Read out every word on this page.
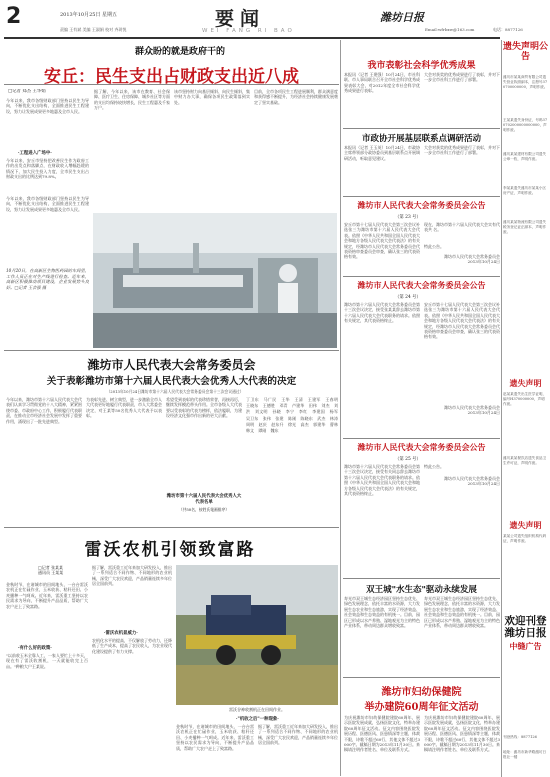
2	2013年10月25日 星期五
责编 王有斌 美编 王淑娟 校对 齐玥悦	要闻
WEI FANG RI BAO
潍坊日报
Email:wfrbxw@163.com	电话：8877126
群众盼的就是政府干的
安丘：民生支出占财政支出近八成
□记者 郑杰 王华娟
今年以来，我市各级财政部门坚持以民生为导向，不断优化支出结构，全面推进民生工程建设，努力让发展成果更多地惠及全市人民。
·工程进入广场中·
今年以来，安丘市坚持把改善民生作为政府工作的出发点和落脚点，在财政收入增幅趋缓的情况下，加大民生投入力度，全市民生支出占财政支出的比例达到79.8%。
据了解，今年以来，该市在教育、社会保障、医疗卫生、住房保障、城乡社区等方面的支出均保持较快增长，民生工程惠及千家万户。
该市坚持财力向基层倾斜、向民生倾斜，集中财力办大事，确保各项民生政策落到实处。
目前，全市各项民生工程进展顺利，群众满意度和获得感不断提升，为经济社会持续健康发展奠定了坚实基础。
10月20日，在高新区生物医药园的车间里，工作人员正在对生产线进行检查。近年来，高新区积极推动项目建设，企业发展势头良好。□记者 王会强 摄
今年以来，我市各级财政部门坚持以民生为导向，不断优化支出结构，全面推进民生工程建设，努力让发展成果更多地惠及全市人民。
我市表彰社会科学优秀成果
本报讯（记者 王建强）10月24日，市社科联、市人事局联合召开全市社会科学优秀成果表彰大会，对2012年度全市社会科学优秀成果进行表彰。
大会对获奖的优秀成果进行了表彰，并对下一步全市社科工作进行了部署。
市政协开展基层联系点调研活动
本报讯（记者 王玉英）10月24日，市政协主席带领部分政协委员到基层联系点开展调研活动，听取意见建议。
大会对获奖的优秀成果进行了表彰，并对下一步全市社科工作进行了部署。
潍坊市人民代表大会常务委员会公告
（第 23 号）
安丘市第十七届人民代表大会第三次会议补选张三为潍坊市第十六届人民代表大会代表。依照《中华人民共和国全国人民代表大会和地方各级人民代表大会代表法》的有关规定，经潍坊市人民代表大会常务委员会代表资格审查委员会审查，确认张三的代表资格有效。
现在，潍坊市第十六届人民代表大会实有代表共 名。
特此公告。
潍坊市人民代表大会常务委员会
2013年10月24日
潍坊市人民代表大会常务委员会公告
（第 24 号）
潍坊市第十六届人民代表大会常务委员会第十三次会议决定，接受张某某辞去潍坊市第十六届人民代表大会代表职务的请求。依照有关规定，其代表资格终止。
安丘市第十七届人民代表大会第三次会议补选张三为潍坊市第十六届人民代表大会代表。依照《中华人民共和国全国人民代表大会和地方各级人民代表大会代表法》的有关规定，经潍坊市人民代表大会常务委员会代表资格审查委员会审查，确认张三的代表资格有效。
潍坊市人民代表大会常务委员会
2013年10月24日
潍坊市人民代表大会常务委员会公告
（第 25 号）
潍坊市第十六届人民代表大会常务委员会第十三次会议决定，接受有关同志辞去潍坊市第十六届人民代表大会代表职务的请求。依照《中华人民共和国全国人民代表大会和地方各级人民代表大会代表法》的有关规定，其代表资格终止。
特此公告。
潍坊市人民代表大会常务委员会
2013年10月24日
潍坊市人民代表大会常务委员会
关于表彰潍坊市第十六届人民代表大会优秀人大代表的决定
（2013年10月24日潍坊市第十六届人民代表大会常务委员会第十三次会议通过）
今年以来，潍坊市第十六届人民代表大会代表们认真学习贯彻党的十八大精神，紧紧围绕市委、市政府中心工作，积极履行代表职责，在推动全市经济社会发展中发挥了重要作用，涌现出了一批先进典型。
为表彰先进、树立典型，进一步激励全市人大代表更好地履行代表职责，市人大常委会决定，对王某等50名优秀人大代表予以表彰。
希望受到表彰的代表珍惜荣誉，再接再厉，继续发挥模范带头作用。全市各级人大代表要以受表彰的代表为榜样，依法履职，为建设经济文化强市作出新的更大贡献。
潍坊市第十六届人民代表大会优秀人大代表名单
（共50名，按姓氏笔画排序）
丁卫东 马广民 王华 王清 王建军 王春明 王晓东 王德胜 邓青 卢建华 田伟 刘杰 刘洪 刘文明 孙晓 李宁 李红 李建国 杨军 吴卫东 张伟 张建 陈刚 陈晓东 武杰 林涛 周明 赵庆 赵东升 徐光 高杰 郭建华 曹林 韩文 谭刚 魏东
雷沃农机引领致富路
□记者 张某某
通讯员 王某某
金秋时节，在诸城市的田间地头，一台台雷沃农机正在忙碌作业，玉米收获、秸秆还田、小麦播种一气呵成。近年来，雷沃重工坚持以农民需求为导向，不断提升产品品质，帮助广大农户走上了致富路。
·有什么好的政策·
"以前收玉米全靠人工，一家人要忙上十多天，现在有了雷沃收割机，一天就能收完上百亩。"种粮大户王某说。
据了解，雷沃重工近年来加大研发投入，推出了一系列适合不同作物、不同地形的农业机械，深受广大农民欢迎，产品销量连续多年位居全国前列。
·雷沃农机显威力·
农机化水平的提高，不仅解放了劳动力，还降低了生产成本，提高了农民收入，为农业现代化建设提供了有力支撑。
雷沃谷神收割机正在田间作业。
·"机收之后"一种现象·
金秋时节，在诸城市的田间地头，一台台雷沃农机正在忙碌作业，玉米收获、秸秆还田、小麦播种一气呵成。近年来，雷沃重工坚持以农民需求为导向，不断提升产品品质，帮助广大农户走上了致富路。
据了解，雷沃重工近年来加大研发投入，推出了一系列适合不同作物、不同地形的农业机械，深受广大农民欢迎，产品销量连续多年位居全国前列。
双王城"水生态"驱动永续发展
寿光市双王城生态经济园区坚持生态优先、绿色发展理念，依托丰富的水资源，大力发展生态农业和生态旅游，实现了经济效益、社会效益和生态效益的有机统一。目前，园区已形成以水产养殖、湿地观光为主的特色产业体系，带动周边群众增收致富。
寿光市双王城生态经济园区坚持生态优先、绿色发展理念，依托丰富的水资源，大力发展生态农业和生态旅游，实现了经济效益、社会效益和生态效益的有机统一。目前，园区已形成以水产养殖、湿地观光为主的特色产业体系，带动周边群众增收致富。
潍坊市妇幼保健院
举办建院60周年征文活动
为庆祝潍坊市妇幼保健院建院60周年，展示医院发展成就，弘扬医院文化，特举办建院60周年征文活动。征文内容围绕医院发展历程、医德医风、医患情深等主题，体裁不限，诗歌不超过60行，其他文体不超过3000字。截稿日期为2013年11月30日。来稿请注明作者姓名、单位及联系方式。
为庆祝潍坊市妇幼保健院建院60周年，展示医院发展成就，弘扬医院文化，特举办建院60周年征文活动。征文内容围绕医院发展历程、医德医风、医患情深等主题，体裁不限，诗歌不超过60行，其他文体不超过3000字。截稿日期为2013年11月30日。来稿请注明作者姓名、单位及联系方式。
遗失声明公告
潍坊市某某商贸有限公司遗失营业执照副本，注册号370700000000，声明作废。
王某某遗失身份证，号码370702000000000000，声明作废。
潍坊某某建材有限公司遗失公章一枚，声明作废。
李某某遗失潍坊市某某小区房产证，声明作废。
潍坊某某物流有限公司遗失税务登记证正副本，声明作废。
遗失声明
赵某某遗失出生医学证明，编号H370000000，声明作废。
潍坊某某餐饮店遗失食品卫生许可证，声明作废。
遗失声明
某某公司遗失组织机构代码证，声明作废。
欢迎刊登潍坊日报
中缝广告
刊登热线：8877126
地址：潍坊市新华路潍坊日报社一楼
